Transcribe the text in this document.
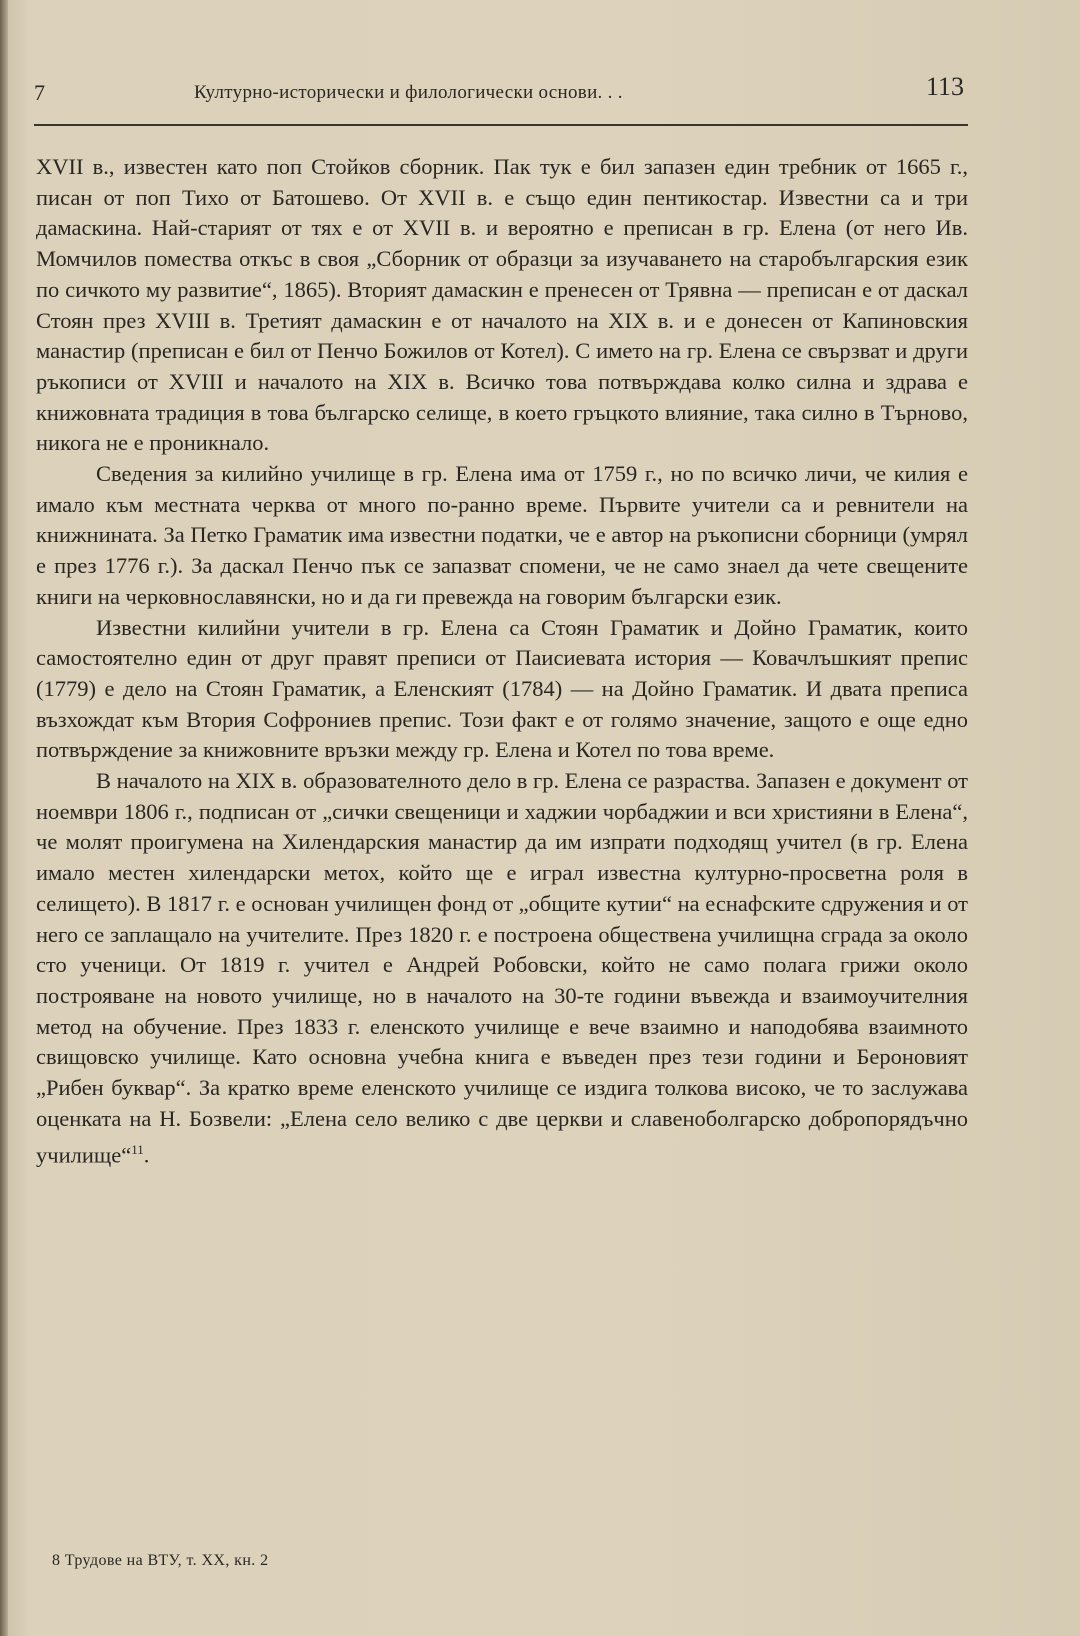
7	Културно-исторически и филологически основи. . .	113

XVII в., известен като поп Стойков сборник. Пак тук е бил запазен един требник от 1665 г., писан от поп Тихо от Батошево. От XVII в. е също един пентикостар. Известни са и три дамаскина. Най-старият от тях е от XVII в. и вероятно е преписан в гр. Елена (от него Ив. Момчилов помества откъс в своя „Сборник от образци за изучаването на старобългарския език по сичкото му развитие“, 1865). Вторият дамаскин е пренесен от Трявна — преписан е от даскал Стоян през XVIII в. Третият дамаскин е от началото на XIX в. и е донесен от Капиновския манастир (преписан е бил от Пенчо Божилов от Котел). С името на гр. Елена се свързват и други ръкописи от XVIII и началото на XIX в. Всичко това потвърждава колко силна и здрава е книжовната традиция в това българско селище, в което гръцкото влияние, така силно в Търново, никога не е проникнало.

Сведения за килийно училище в гр. Елена има от 1759 г., но по всичко личи, че килия е имало към местната черква от много по-ранно време. Първите учители са и ревнители на книжнината. За Петко Граматик има известни податки, че е автор на ръкописни сборници (умрял е през 1776 г.). За даскал Пенчо пък се запазват спомени, че не само знаел да чете свещените книги на черковнославянски, но и да ги превежда на говорим български език.

Известни килийни учители в гр. Елена са Стоян Граматик и Дойно Граматик, които самостоятелно един от друг правят преписи от Паисиевата история — Ковачлъшкият препис (1779) е дело на Стоян Граматик, а Еленският (1784) — на Дойно Граматик. И двата преписа възхождат към Втория Софрониев препис. Този факт е от голямо значение, защото е още едно потвърждение за книжовните връзки между гр. Елена и Котел по това време.

В началото на XIX в. образователното дело в гр. Елена се разраства. Запазен е документ от ноември 1806 г., подписан от „сички свещеници и хаджии чорбаджии и вси християни в Елена“, че молят проигумена на Хилендарския манастир да им изпрати подходящ учител (в гр. Елена имало местен хилендарски метох, който ще е играл известна културно-просветна роля в селището). В 1817 г. е основан училищен фонд от „общите кутии“ на еснафските сдружения и от него се заплащало на учителите. През 1820 г. е построена обществена училищна сграда за около сто ученици. От 1819 г. учител е Андрей Робовски, който не само полага грижи около построяване на новото училище, но в началото на 30-те години въвежда и взаимоучителния метод на обучение. През 1833 г. еленското училище е вече взаимно и наподобява взаимното свищовско училище. Като основна учебна книга е въведен през тези години и Бероновият „Рибен буквар“. За кратко време еленското училище се издига толкова високо, че то заслужава оценката на Н. Бозвели: „Елена село велико с две церкви и славеноболгарско добропорядъчно училище“$^{11}$.

8 Трудове на ВТУ, т. XX, кн. 2
